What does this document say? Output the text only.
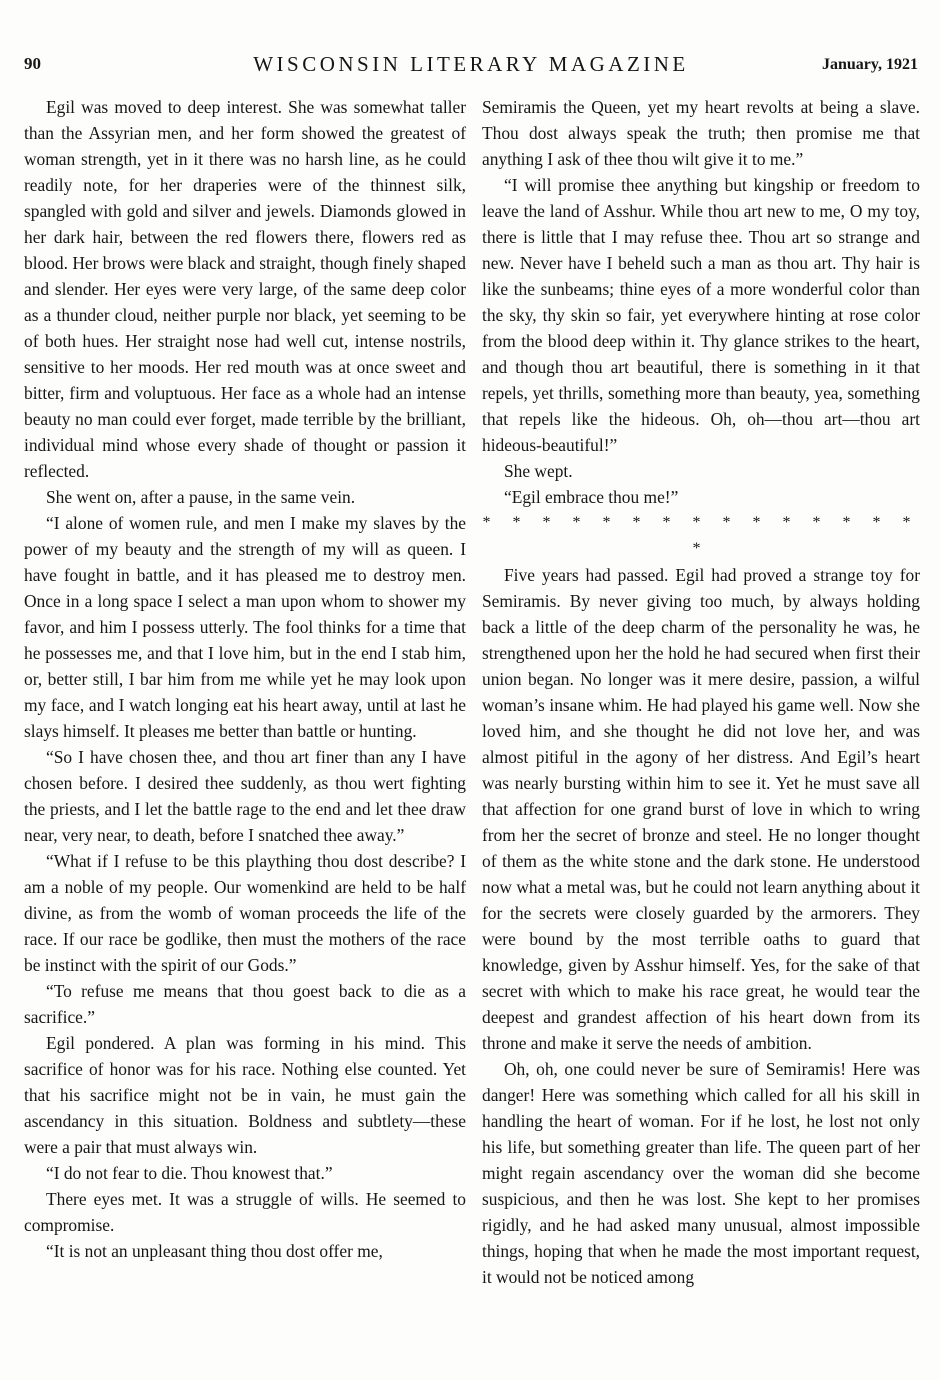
90	WISCONSIN LITERARY MAGAZINE	January, 1921

Egil was moved to deep interest. She was somewhat taller than the Assyrian men, and her form showed the greatest of woman strength, yet in it there was no harsh line, as he could readily note, for her draperies were of the thinnest silk, spangled with gold and silver and jewels. Diamonds glowed in her dark hair, between the red flowers there, flowers red as blood. Her brows were black and straight, though finely shaped and slender. Her eyes were very large, of the same deep color as a thunder cloud, neither purple nor black, yet seeming to be of both hues. Her straight nose had well cut, intense nostrils, sensitive to her moods. Her red mouth was at once sweet and bitter, firm and voluptuous. Her face as a whole had an intense beauty no man could ever forget, made terrible by the brilliant, individual mind whose every shade of thought or passion it reflected.

She went on, after a pause, in the same vein.

“I alone of women rule, and men I make my slaves by the power of my beauty and the strength of my will as queen. I have fought in battle, and it has pleased me to destroy men. Once in a long space I select a man upon whom to shower my favor, and him I possess utterly. The fool thinks for a time that he possesses me, and that I love him, but in the end I stab him, or, better still, I bar him from me while yet he may look upon my face, and I watch longing eat his heart away, until at last he slays himself. It pleases me better than battle or hunting.

“So I have chosen thee, and thou art finer than any I have chosen before. I desired thee suddenly, as thou wert fighting the priests, and I let the battle rage to the end and let thee draw near, very near, to death, before I snatched thee away.”

“What if I refuse to be this plaything thou dost describe? I am a noble of my people. Our womenkind are held to be half divine, as from the womb of woman proceeds the life of the race. If our race be godlike, then must the mothers of the race be instinct with the spirit of our Gods.”

“To refuse me means that thou goest back to die as a sacrifice.”

Egil pondered. A plan was forming in his mind. This sacrifice of honor was for his race. Nothing else counted. Yet that his sacrifice might not be in vain, he must gain the ascendancy in this situation. Boldness and subtlety—these were a pair that must always win.

“I do not fear to die. Thou knowest that.”

There eyes met. It was a struggle of wills. He seemed to compromise.

“It is not an unpleasant thing thou dost offer me,

Semiramis the Queen, yet my heart revolts at being a slave. Thou dost always speak the truth; then promise me that anything I ask of thee thou wilt give it to me.”

“I will promise thee anything but kingship or freedom to leave the land of Asshur. While thou art new to me, O my toy, there is little that I may refuse thee. Thou art so strange and new. Never have I beheld such a man as thou art. Thy hair is like the sunbeams; thine eyes of a more wonderful color than the sky, thy skin so fair, yet everywhere hinting at rose color from the blood deep within it. Thy glance strikes to the heart, and though thou art beautiful, there is something in it that repels, yet thrills, something more than beauty, yea, something that repels like the hideous. Oh, oh—thou art—thou art hideous-beautiful!”

She wept.

“Egil embrace thou me!”

* * * * * * * * * * * * * * * *

Five years had passed. Egil had proved a strange toy for Semiramis. By never giving too much, by always holding back a little of the deep charm of the personality he was, he strengthened upon her the hold he had secured when first their union began. No longer was it mere desire, passion, a wilful woman’s insane whim. He had played his game well. Now she loved him, and she thought he did not love her, and was almost pitiful in the agony of her distress. And Egil’s heart was nearly bursting within him to see it. Yet he must save all that affection for one grand burst of love in which to wring from her the secret of bronze and steel. He no longer thought of them as the white stone and the dark stone. He understood now what a metal was, but he could not learn anything about it for the secrets were closely guarded by the armorers. They were bound by the most terrible oaths to guard that knowledge, given by Asshur himself. Yes, for the sake of that secret with which to make his race great, he would tear the deepest and grandest affection of his heart down from its throne and make it serve the needs of ambition.

Oh, oh, one could never be sure of Semiramis! Here was danger! Here was something which called for all his skill in handling the heart of woman. For if he lost, he lost not only his life, but something greater than life. The queen part of her might regain ascendancy over the woman did she become suspicious, and then he was lost. She kept to her promises rigidly, and he had asked many unusual, almost impossible things, hoping that when he made the most important request, it would not be noticed among
